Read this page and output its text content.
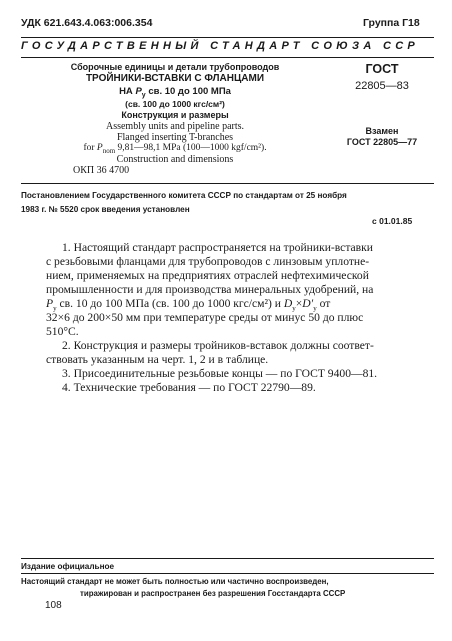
УДК 621.643.4.063:006.354	Группа Г18
ГОСУДАРСТВЕННЫЙ СТАНДАРТ СОЮЗА ССР
Сборочные единицы и детали трубопроводов
ТРОЙНИКИ-ВСТАВКИ С ФЛАНЦАМИ
НА $P_у$ св. 10 до 100 МПа
(св. 100 до 1000 кгс/см²)
Конструкция и размеры
Assembly units and pipeline parts.
Flanged inserting T-branches
for $P_{nom}$ 9,81—98,1 MPa (100—1000 kgf/cm²).
Construction and dimensions
ОКП 36 4700
ГОСТ
22805—83
Взамен
ГОСТ 22805—77
Постановлением Государственного комитета СССР по стандартам от 25 ноября
1983 г. № 5520 срок введения установлен
с 01.01.85
1. Настоящий стандарт распространяется на тройники-вставки
с резьбовыми фланцами для трубопроводов с линзовым уплотне-
нием, применяемых на предприятиях отраслей нефтехимической
промышленности и для производства минеральных удобрений, на
$P_y$ св. 10 до 100 МПа (св. 100 до 1000 кгс/см²) и $D_y\times D'_y$ от
32×6 до 200×50 мм при температуре среды от минус 50 до плюс
510°С.
2. Конструкция и размеры тройников-вставок должны соответ-
ствовать указанным на черт. 1, 2 и в таблице.
3. Присоединительные резьбовые концы — по ГОСТ 9400—81.
4. Технические требования — по ГОСТ 22790—89.
Издание официальное
Настоящий стандарт не может быть полностью или частично воспроизведен,
тиражирован и распространен без разрешения Госстандарта СССР
108
